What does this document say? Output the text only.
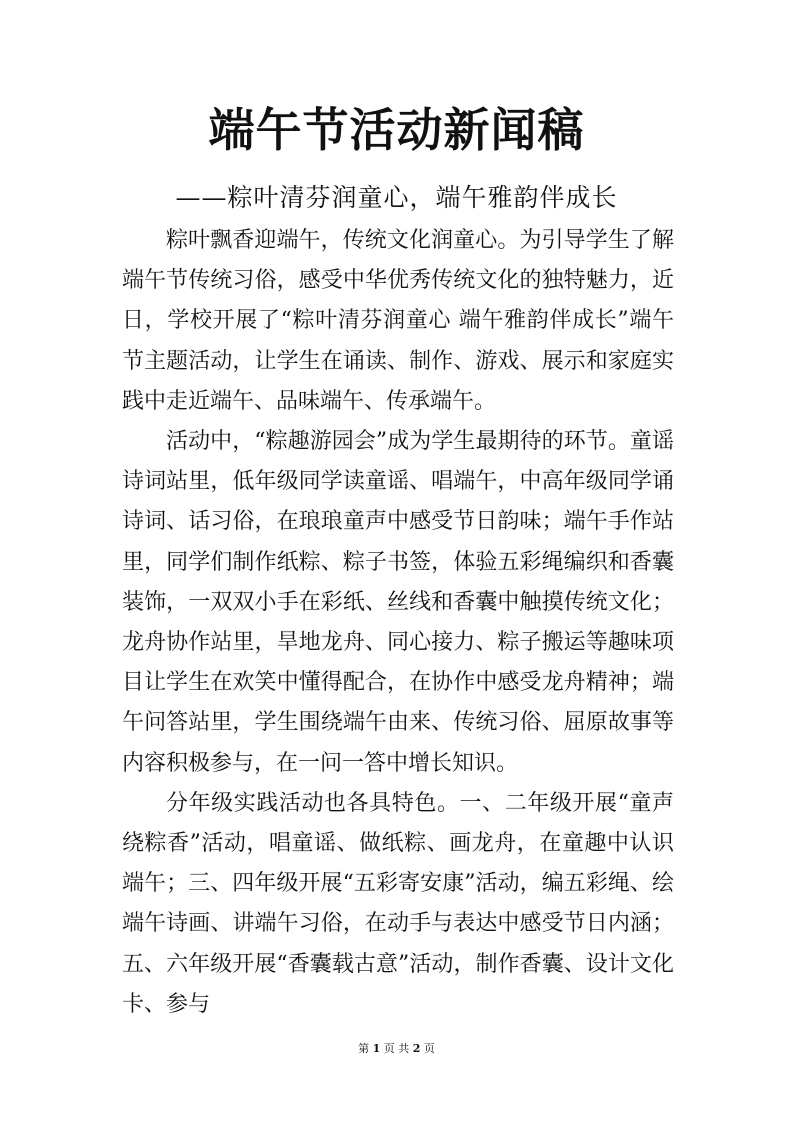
端午节活动新闻稿
——粽叶清芬润童心，端午雅韵伴成长

粽叶飘香迎端午，传统文化润童心。为引导学生了解端午节传统习俗，感受中华优秀传统文化的独特魅力，近日，学校开展了“粽叶清芬润童心 端午雅韵伴成长”端午节主题活动，让学生在诵读、制作、游戏、展示和家庭实践中走近端午、品味端午、传承端午。

活动中，“粽趣游园会”成为学生最期待的环节。童谣诗词站里，低年级同学读童谣、唱端午，中高年级同学诵诗词、话习俗，在琅琅童声中感受节日韵味；端午手作站里，同学们制作纸粽、粽子书签，体验五彩绳编织和香囊装饰，一双双小手在彩纸、丝线和香囊中触摸传统文化；龙舟协作站里，旱地龙舟、同心接力、粽子搬运等趣味项目让学生在欢笑中懂得配合，在协作中感受龙舟精神；端午问答站里，学生围绕端午由来、传统习俗、屈原故事等内容积极参与，在一问一答中增长知识。

分年级实践活动也各具特色。一、二年级开展“童声绕粽香”活动，唱童谣、做纸粽、画龙舟，在童趣中认识端午；三、四年级开展“五彩寄安康”活动，编五彩绳、绘端午诗画、讲端午习俗，在动手与表达中感受节日内涵；五、六年级开展“香囊载古意”活动，制作香囊、设计文化卡、参与

第 1 页 共 2 页
